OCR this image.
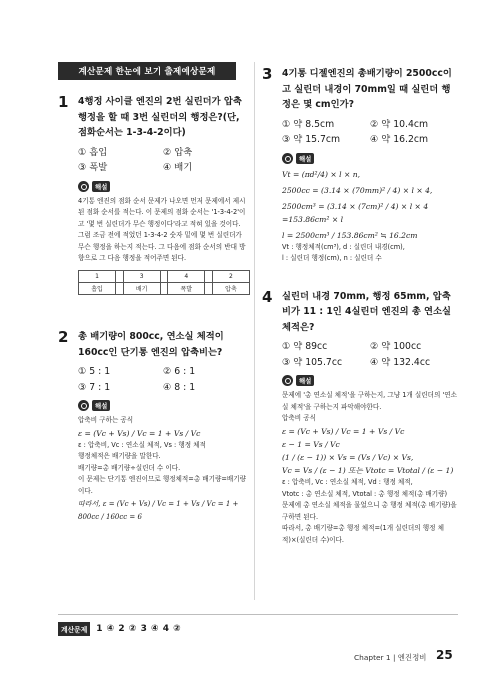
계산문제 한눈에 보기 출제예상문제
1 4행정 사이클 엔진의 2번 실린더가 압축행정을 할 때 3번 실린더의 행정은?(단, 점화순서는 1-3-4-2이다)
① 흡입	② 압축
③ 폭발	④ 배기
해설
4기통 엔진의 점화 순서 문제가 나오면 먼저 문제에서 제시된 점화 순서를 적는다. 이 문제의 점화 순서는 '1-3-4-2'이고 '몇 번 실린더가 무슨 행정이다'라고 적혀 있을 것이다. 그럼 조금 전에 적었던 1-3-4-2 숫자 밑에 몇 번 실린더가 무슨 행정을 하는지 적는다. 그 다음에 점화 순서의 반대 방향으로 그 다음 행정을 적어주면 된다.
1		3		4		2
흡입		배기		폭발		압축
2 총 배기량이 800cc, 연소실 체적이 160cc인 단기통 엔진의 압축비는?
① 5 : 1	② 6 : 1
③ 7 : 1	④ 8 : 1
해설
압축비 구하는 공식
ε = (Vc + Vs) / Vc = 1 + Vs / Vc
ε : 압축비, Vc : 연소실 체적, Vs : 행정 체적
행정체적은 배기량을 말한다.
배기량=총 배기량÷실린더 수 이다.
이 문제는 단기통 엔진이므로 행정체적=총 배기량=배기량이다.
따라서, ε = (Vc + Vs) / Vc = 1 + Vs / Vc = 1 + 800cc / 160cc = 6
3 4기통 디젤엔진의 총배기량이 2500cc이고 실린더 내경이 70mm일 때 실린더 행정은 몇 cm인가?
① 약 8.5cm	② 약 10.4cm
③ 약 15.7cm	④ 약 16.2cm
해설
Vt = (πd²/4) × l × n,
2500cc = (3.14 × (70mm)² / 4) × l × 4,
2500cm³ = (3.14 × (7cm)² / 4) × l × 4
=153.86cm² × l
l = 2500cm³ / 153.86cm² ≒ 16.2cm
Vt : 행정체적(cm³), d : 실린더 내경(cm),
l : 실린더 행정(cm), n : 실린더 수
4 실린더 내경 70mm, 행정 65mm, 압축비가 11 : 1인 4실린더 엔진의 총 연소실 체적은?
① 약 89cc	② 약 100cc
③ 약 105.7cc	④ 약 132.4cc
해설
문제에 '총 연소실 체적'을 구하는지, 그냥 1개 실린더의 '연소실 체적'을 구하는지 파악해야한다.
압축비 공식
ε = (Vc + Vs) / Vc = 1 + Vs / Vc
ε − 1 = Vs / Vc
(1 / (ε − 1)) × Vs = (Vs / Vc) × Vs,
Vc = Vs / (ε − 1) 또는 Vtotc = Vtotal / (ε − 1)
ε : 압축비, Vc : 연소실 체적, Vd : 행정 체적,
Vtotc : 총 연소실 체적, Vtotal : 총 행정 체적(총 배기량)
문제에 총 연소실 체적을 물었으니 총 행정 체적(총 배기량)을 구하면 된다.
따라서, 총 배기량=총 행정 체적=(1개 실린더의 행정 체적)×(실린더 수)이다.
계산문제	1 ④ 2 ② 3 ④ 4 ②
Chapter 1 | 엔진정비 25
